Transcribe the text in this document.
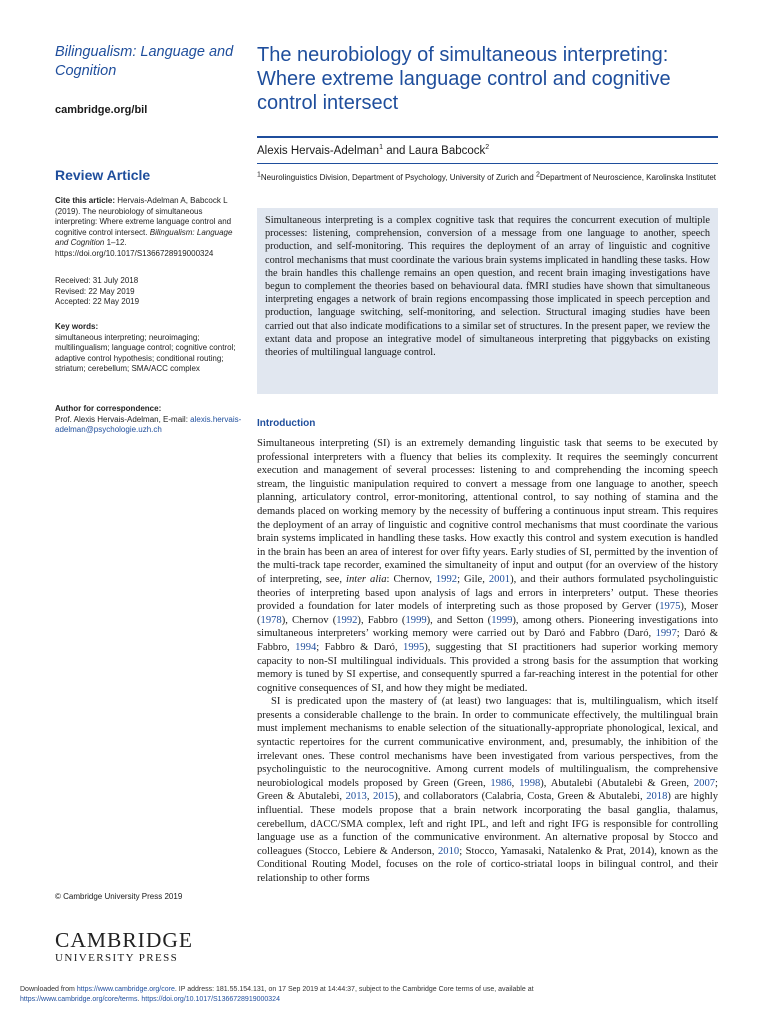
Bilingualism: Language and Cognition
cambridge.org/bil
Review Article
Cite this article: Hervais-Adelman A, Babcock L (2019). The neurobiology of simultaneous interpreting: Where extreme language control and cognitive control intersect. Bilingualism: Language and Cognition 1–12. https://doi.org/10.1017/S1366728919000324
Received: 31 July 2018
Revised: 22 May 2019
Accepted: 22 May 2019
Key words:
simultaneous interpreting; neuroimaging; multilingualism; language control; cognitive control; adaptive control hypothesis; conditional routing; striatum; cerebellum; SMA/ACC complex
Author for correspondence:
Prof. Alexis Hervais-Adelman, E-mail: alexis.hervais-adelman@psychologie.uzh.ch
© Cambridge University Press 2019
CAMBRIDGE
UNIVERSITY PRESS
The neurobiology of simultaneous interpreting: Where extreme language control and cognitive control intersect
Alexis Hervais-Adelman$^1$ and Laura Babcock$^2$
$^1$Neurolinguistics Division, Department of Psychology, University of Zurich and $^2$Department of Neuroscience, Karolinska Institutet
Simultaneous interpreting is a complex cognitive task that requires the concurrent execution of multiple processes: listening, comprehension, conversion of a message from one language to another, speech production, and self-monitoring. This requires the deployment of an array of linguistic and cognitive control mechanisms that must coordinate the various brain systems implicated in handling these tasks. How the brain handles this challenge remains an open question, and recent brain imaging investigations have begun to complement the theories based on behavioural data. fMRI studies have shown that simultaneous interpreting engages a network of brain regions encompassing those implicated in speech perception and production, language switching, self-monitoring, and selection. Structural imaging studies have been carried out that also indicate modifications to a similar set of structures. In the present paper, we review the extant data and propose an integrative model of simultaneous interpreting that piggybacks on existing theories of multilingual language control.
Introduction

Simultaneous interpreting (SI) is an extremely demanding linguistic task that seems to be executed by professional interpreters with a fluency that belies its complexity. It requires the seemingly concurrent execution and management of several processes: listening to and comprehending the incoming speech stream, the linguistic manipulation required to convert a message from one language to another, speech planning, articulatory control, error-monitoring, attentional control, to say nothing of stamina and the demands placed on working memory by the necessity of buffering a continuous input stream. This requires the deployment of an array of linguistic and cognitive control mechanisms that must coordinate the various brain systems implicated in handling these tasks. How exactly this control and system execution is handled in the brain has been an area of interest for over fifty years. Early studies of SI, permitted by the invention of the multi-track tape recorder, examined the simultaneity of input and output (for an overview of the history of interpreting, see, inter alia: Chernov, 1992; Gile, 2001), and their authors formulated psycholinguistic theories of interpreting based upon analysis of lags and errors in interpreters’ output. These theories provided a foundation for later models of interpreting such as those proposed by Gerver (1975), Moser (1978), Chernov (1992), Fabbro (1999), and Setton (1999), among others. Pioneering investigations into simultaneous interpreters’ working memory were carried out by Daró and Fabbro (Daró, 1997; Daró & Fabbro, 1994; Fabbro & Daró, 1995), suggesting that SI practitioners had superior working memory capacity to non-SI multilingual individuals. This provided a strong basis for the assumption that working memory is tuned by SI expertise, and consequently spurred a far-reaching interest in the potential for other cognitive consequences of SI, and how they might be mediated.

SI is predicated upon the mastery of (at least) two languages: that is, multilingualism, which itself presents a considerable challenge to the brain. In order to communicate effectively, the multilingual brain must implement mechanisms to enable selection of the situationally-appropriate phonological, lexical, and syntactic repertoires for the current communicative environment, and, presumably, the inhibition of the irrelevant ones. These control mechanisms have been investigated from various perspectives, from the psycholinguistic to the neurocognitive. Among current models of multilingualism, the comprehensive neurobiological models proposed by Green (Green, 1986, 1998), Abutalebi (Abutalebi & Green, 2007; Green & Abutalebi, 2013, 2015), and collaborators (Calabria, Costa, Green & Abutalebi, 2018) are highly influential. These models propose that a brain network incorporating the basal ganglia, thalamus, cerebellum, dACC/SMA complex, left and right IPL, and left and right IFG is responsible for controlling language use as a function of the communicative environment. An alternative proposal by Stocco and colleagues (Stocco, Lebiere & Anderson, 2010; Stocco, Yamasaki, Natalenko & Prat, 2014), known as the Conditional Routing Model, focuses on the role of cortico-striatal loops in bilingual control, and their relationship to other forms

Downloaded from https://www.cambridge.org/core. IP address: 181.55.154.131, on 17 Sep 2019 at 14:44:37, subject to the Cambridge Core terms of use, available at
https://www.cambridge.org/core/terms. https://doi.org/10.1017/S1366728919000324
